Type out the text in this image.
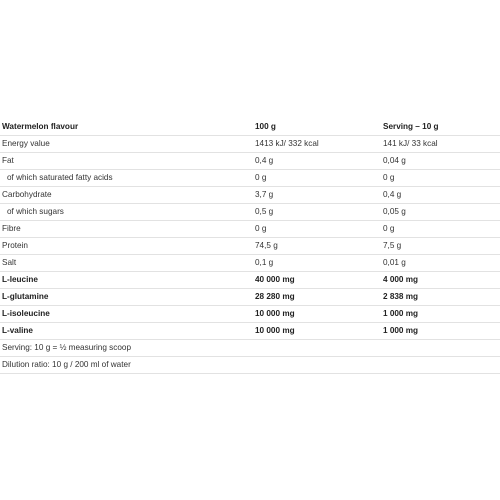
Watermelon flavour	100 g	Serving – 10 g
Energy value	1413 kJ/ 332 kcal	141 kJ/ 33 kcal
Fat	0,4 g	0,04 g
of which saturated fatty acids	0 g	0 g
Carbohydrate	3,7 g	0,4 g
of which sugars	0,5 g	0,05 g
Fibre	0 g	0 g
Protein	74,5 g	7,5 g
Salt	0,1 g	0,01 g
L-leucine	40 000 mg	4 000 mg
L-glutamine	28 280 mg	2 838 mg
L-isoleucine	10 000 mg	1 000 mg
L-valine	10 000 mg	1 000 mg
Serving: 10 g = ½ measuring scoop
Dilution ratio: 10 g / 200 ml of water
